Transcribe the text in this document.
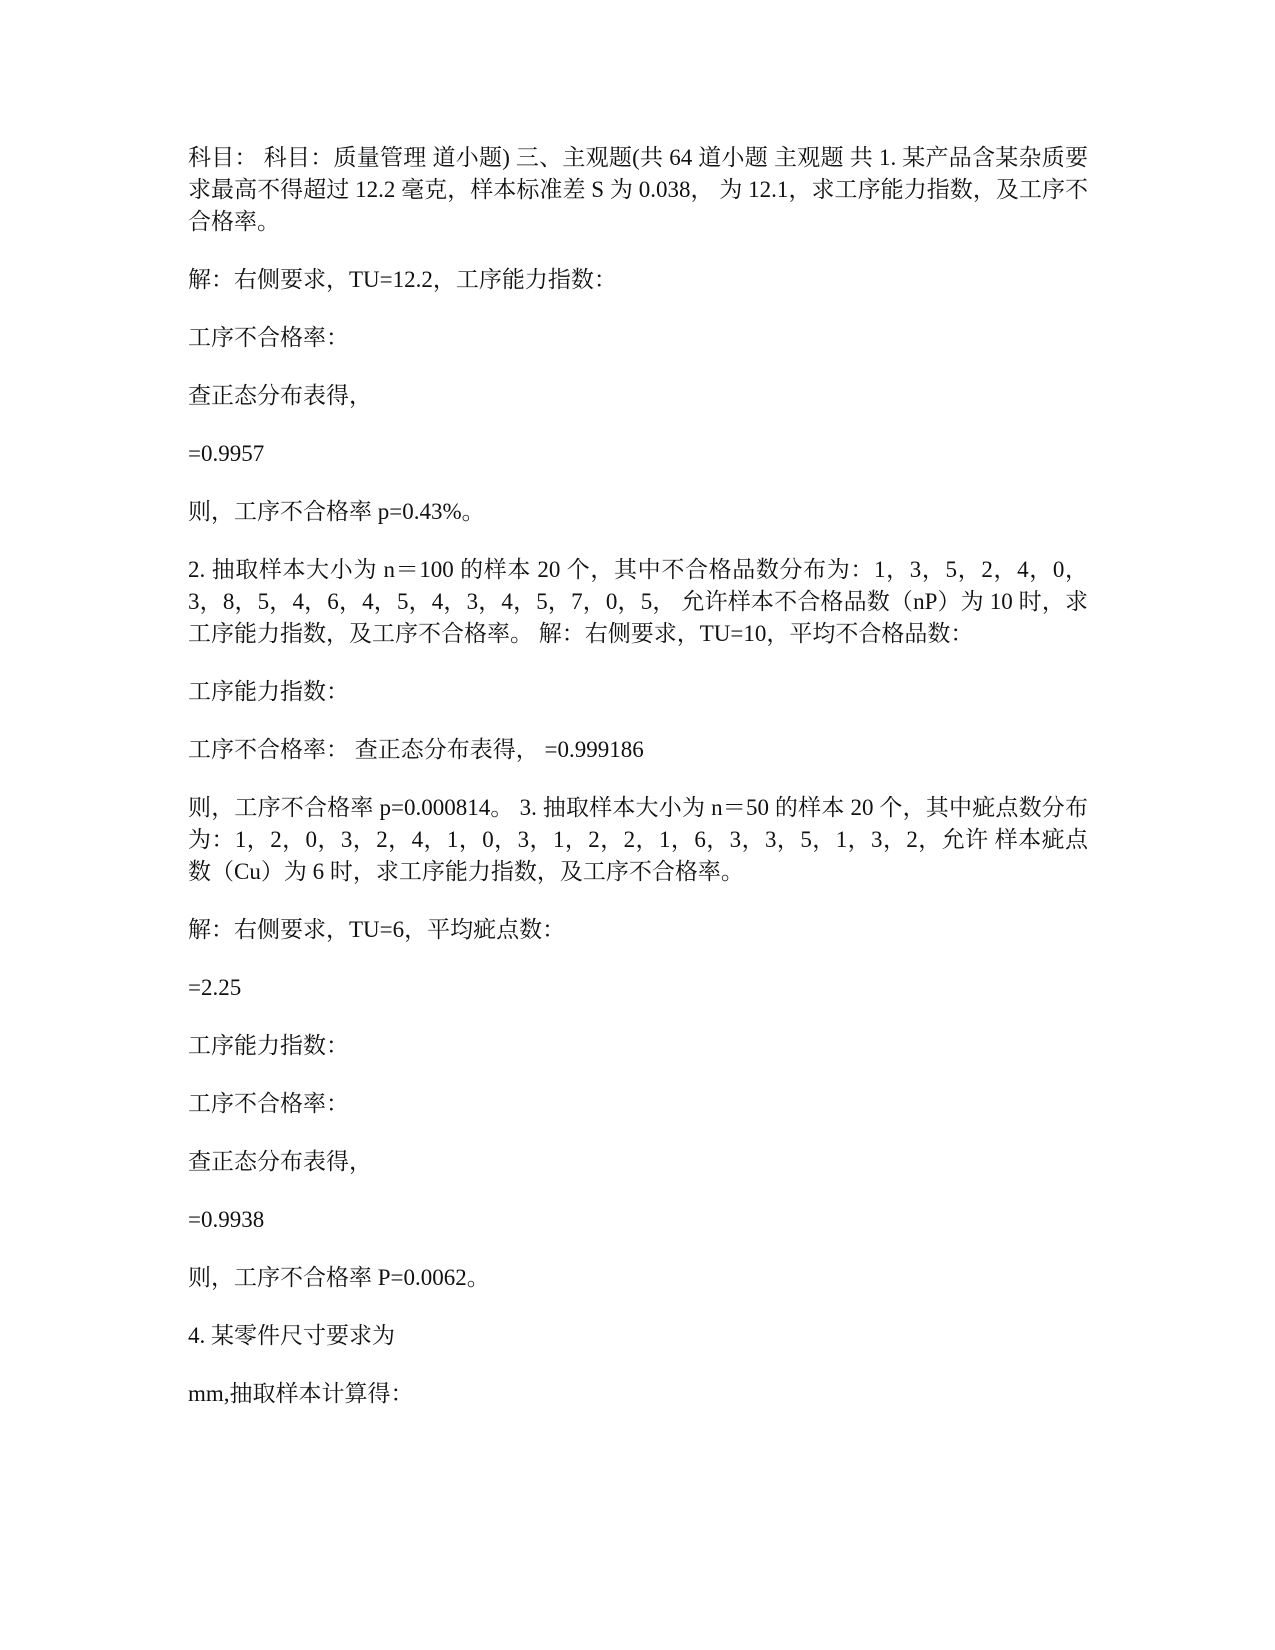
科目： 科目：质量管理 道小题) 三、主观题(共 64 道小题 主观题 共 1. 某产品含某杂质要求最高不得超过 12.2 毫克，样本标准差 S 为 0.038， 为 12.1，求工序能力指数，及工序不合格率。

解：右侧要求，TU=12.2，工序能力指数：

工序不合格率：

查正态分布表得，

=0.9957

则，工序不合格率 p=0.43%。

2. 抽取样本大小为 n＝100 的样本 20 个，其中不合格品数分布为：1，3，5，2，4，0，3，8，5，4，6，4，5，4，3，4，5，7，0，5， 允许样本不合格品数（nP）为 10 时，求工序能力指数，及工序不合格率。 解：右侧要求，TU=10，平均不合格品数：

工序能力指数：

工序不合格率： 查正态分布表得， =0.999186

则，工序不合格率 p=0.000814。 3. 抽取样本大小为 n＝50 的样本 20 个，其中疵点数分布为：1，2，0，3，2，4，1，0，3，1，2，2，1，6，3，3，5，1，3，2，允许 样本疵点数（Cu）为 6 时，求工序能力指数，及工序不合格率。

解：右侧要求，TU=6，平均疵点数：

=2.25

工序能力指数：

工序不合格率：

查正态分布表得，

=0.9938

则，工序不合格率 P=0.0062。

4. 某零件尺寸要求为

mm,抽取样本计算得：
